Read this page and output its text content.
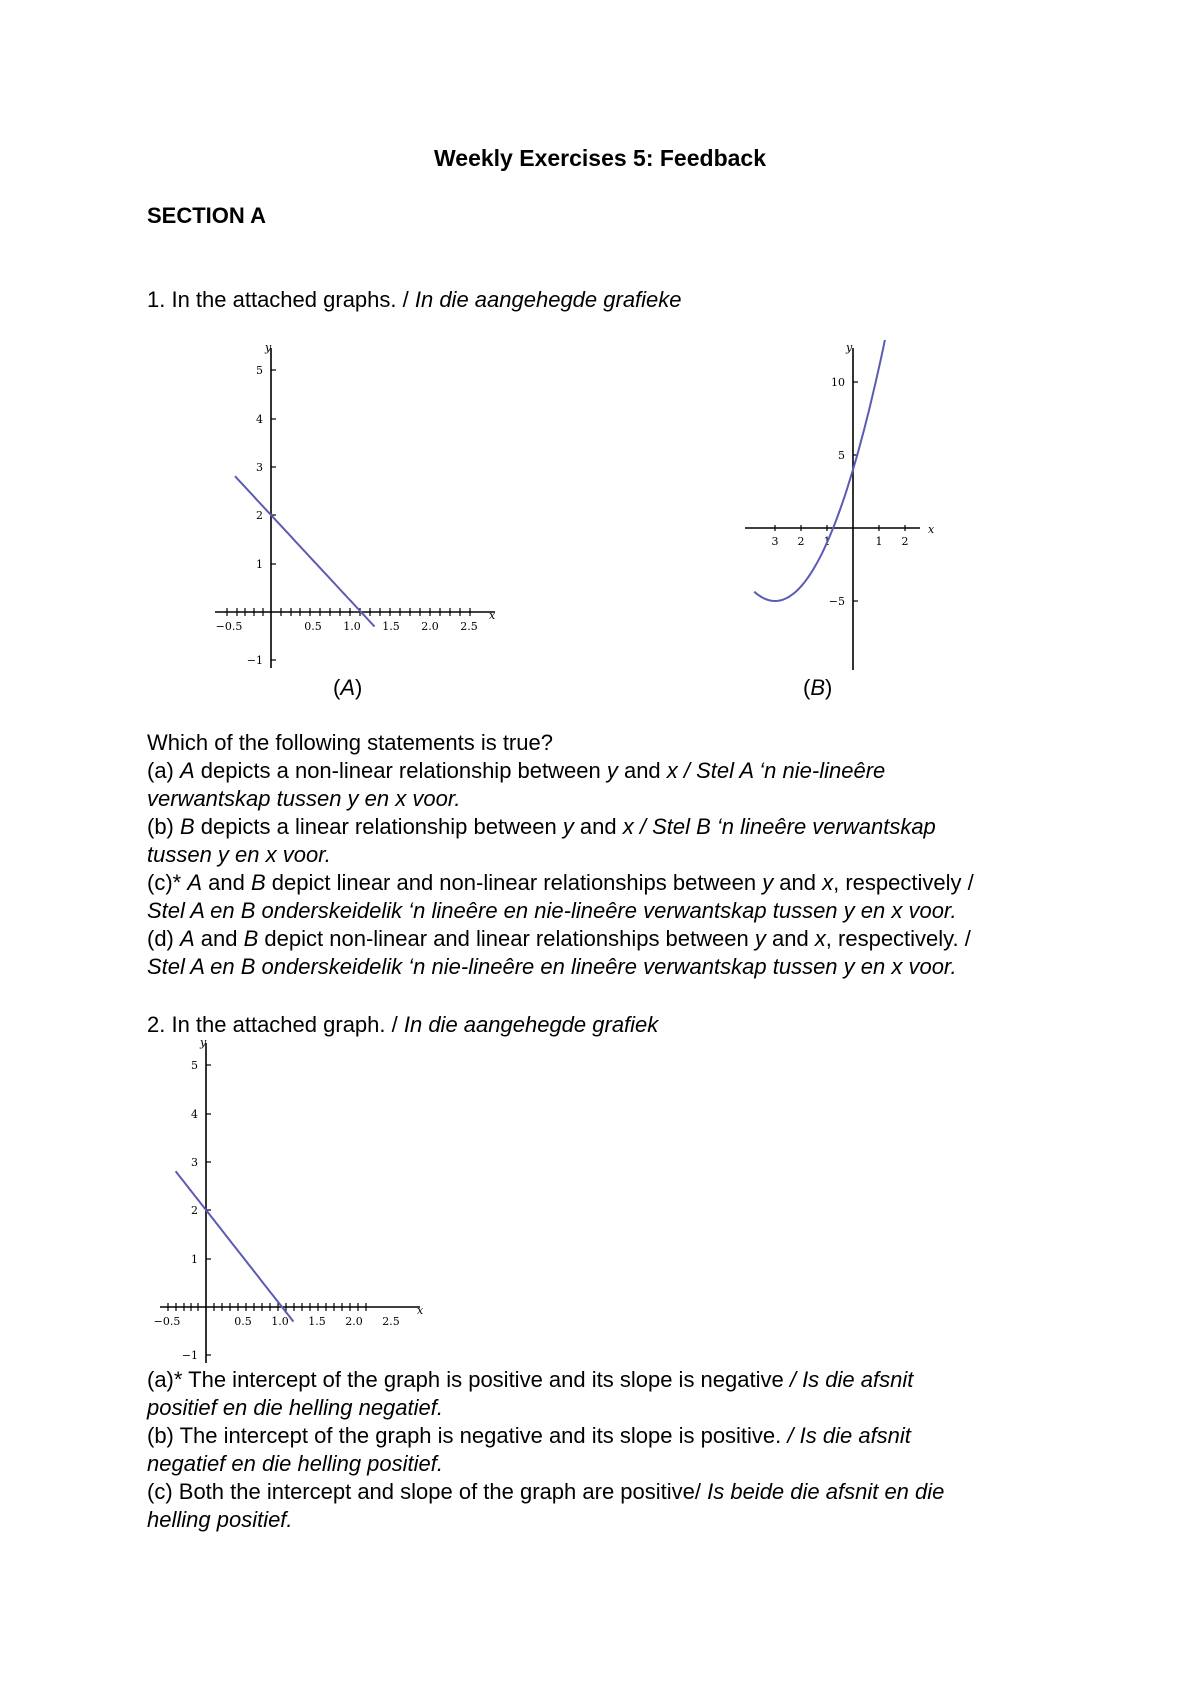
Weekly Exercises 5: Feedback
SECTION A
1. In the attached graphs. / In die aangehegde grafieke
y
x
5
4
3
2
1
−1
−0.5	0.5 1.0 1.5 2.0 2.5
(A)
y
x
10
5
−5
3 2 1	1 2
(B)
Which of the following statements is true?
(a) A depicts a non-linear relationship between y and x / Stel A ‘n nie-lineêre
verwantskap tussen y en x voor.
(b) B depicts a linear relationship between y and x / Stel B ‘n lineêre verwantskap
tussen y en x voor.
(c)* A and B depict linear and non-linear relationships between y and x, respectively /
Stel A en B onderskeidelik ‘n lineêre en nie-lineêre verwantskap tussen y en x voor.
(d) A and B depict non-linear and linear relationships between y and x, respectively. /
Stel A en B onderskeidelik ‘n nie-lineêre en lineêre verwantskap tussen y en x voor.
2. In the attached graph. / In die aangehegde grafiek
y
x
5
4
3
2
1
−1
−0.5	0.5 1.0 1.5 2.0 2.5
(a)* The intercept of the graph is positive and its slope is negative / Is die afsnit
positief en die helling negatief.
(b) The intercept of the graph is negative and its slope is positive. / Is die afsnit
negatief en die helling positief.
(c) Both the intercept and slope of the graph are positive/ Is beide die afsnit en die
helling positief.
